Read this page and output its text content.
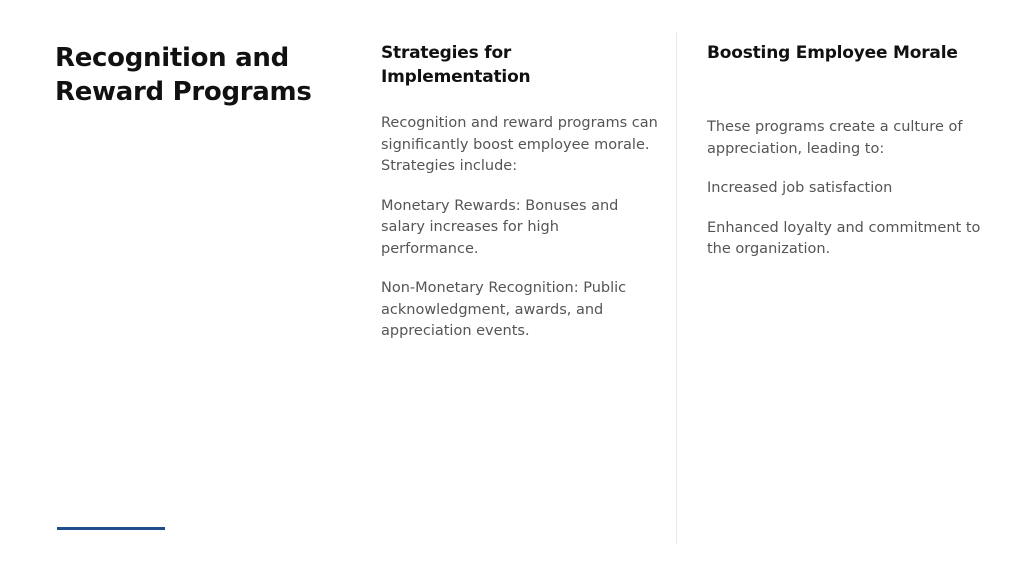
Recognition and Reward Programs
Strategies for Implementation

Recognition and reward programs can significantly boost employee morale. Strategies include:

Monetary Rewards: Bonuses and salary increases for high performance.

Non-Monetary Recognition: Public acknowledgment, awards, and appreciation events.

Boosting Employee Morale

These programs create a culture of appreciation, leading to:

Increased job satisfaction

Enhanced loyalty and commitment to the organization.
